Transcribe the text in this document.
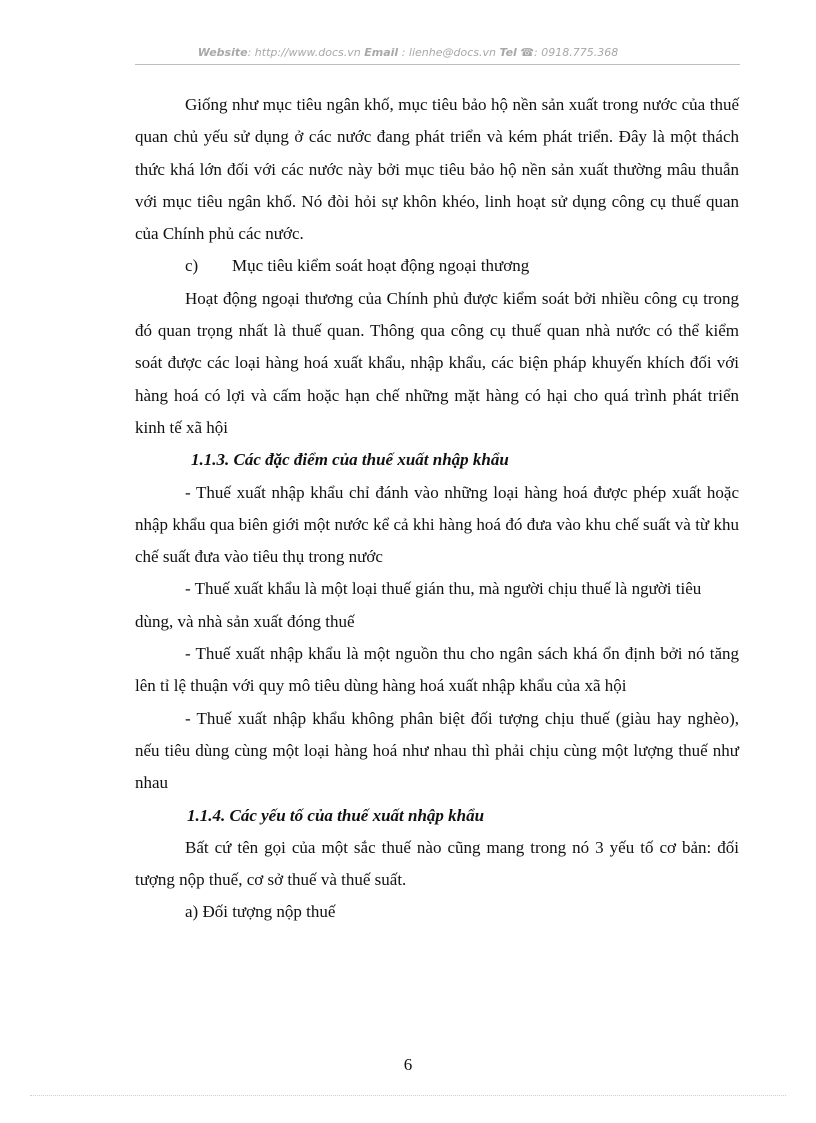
Website: http://www.docs.vn Email : lienhe@docs.vn Tel ☎: 0918.775.368

Giống như mục tiêu ngân khố, mục tiêu bảo hộ nền sản xuất trong nước của thuế quan chủ yếu sử dụng ở các nước đang phát triển và kém phát triển. Đây là một thách thức khá lớn đối với các nước này bởi mục tiêu bảo hộ nền sản xuất thường mâu thuẫn với mục tiêu ngân khố. Nó đòi hỏi sự khôn khéo, linh hoạt sử dụng công cụ thuế quan của Chính phủ các nước.

c) Mục tiêu kiểm soát hoạt động ngoại thương

Hoạt động ngoại thương của Chính phủ được kiểm soát bởi nhiều công cụ trong đó quan trọng nhất là thuế quan. Thông qua công cụ thuế quan nhà nước có thể kiểm soát được các loại hàng hoá xuất khẩu, nhập khẩu, các biện pháp khuyến khích đối với hàng hoá có lợi và cấm hoặc hạn chế những mặt hàng có hại cho quá trình phát triển kinh tế xã hội

1.1.3. Các đặc điểm của thuế xuất nhập khẩu

- Thuế xuất nhập khẩu chỉ đánh vào những loại hàng hoá được phép xuất hoặc nhập khẩu qua biên giới một nước kể cả khi hàng hoá đó đưa vào khu chế suất và từ khu chế suất đưa vào tiêu thụ trong nước

- Thuế xuất khẩu là một loại thuế gián thu, mà người chịu thuế là người tiêu dùng, và nhà sản xuất đóng thuế

- Thuế xuất nhập khẩu là một nguồn thu cho ngân sách khá ổn định bởi nó tăng lên tỉ lệ thuận với quy mô tiêu dùng hàng hoá xuất nhập khẩu của xã hội

- Thuế xuất nhập khẩu không phân biệt đối tượng chịu thuế (giàu hay nghèo), nếu tiêu dùng cùng một loại hàng hoá như nhau thì phải chịu cùng một lượng thuế như nhau

1.1.4. Các yếu tố của thuế xuất nhập khẩu

Bất cứ tên gọi của một sắc thuế nào cũng mang trong nó 3 yếu tố cơ bản: đối tượng nộp thuế, cơ sở thuế và thuế suất.

a) Đối tượng nộp thuế

6
